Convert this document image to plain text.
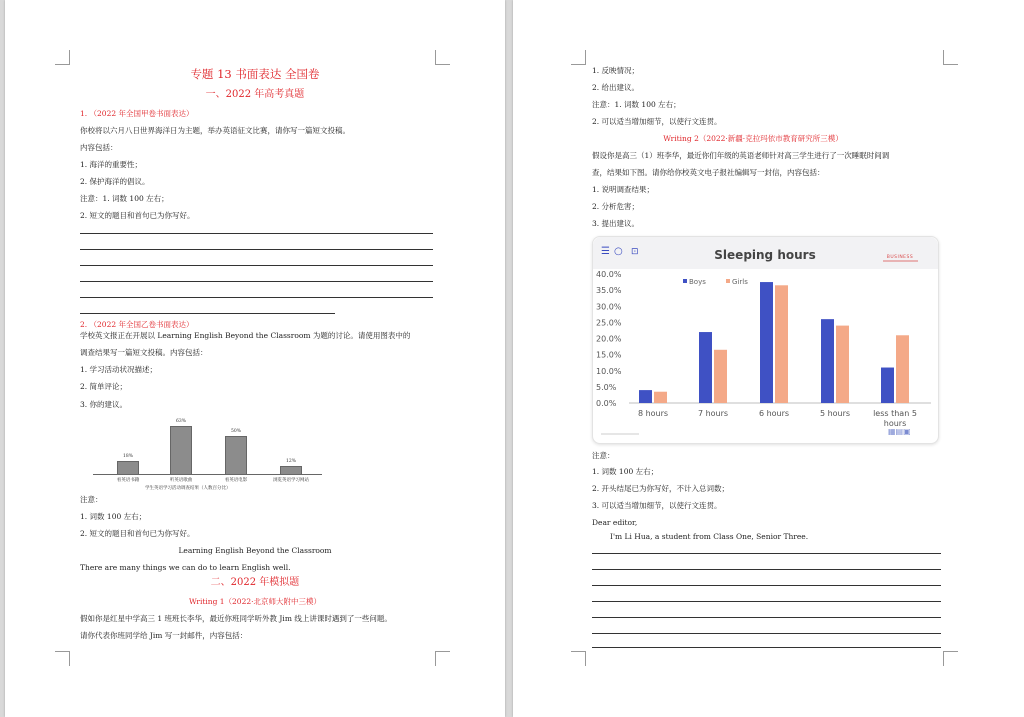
专题 13 书面表达 全国卷
一、2022 年高考真题
1. （2022 年全国甲卷书面表达）
你校将以六月八日世界海洋日为主题，举办英语征文比赛，请你写一篇短文投稿。
内容包括：
1. 海洋的重要性；
2. 保护海洋的倡议。
注意：1. 词数 100 左右；
2. 短文的题目和首句已为你写好。
2. （2022 年全国乙卷书面表达）
学校英文报正在开展以 Learning English Beyond the Classroom 为题的讨论。请使用图表中的
调查结果写一篇短文投稿。内容包括：
1. 学习活动状况描述；
2. 简单评论；
3. 你的建议。
学生英语学习活动调查结果（人数百分比）
18%
看英语书籍
63%
听英语歌曲
50%
看英语电影
12%
浏览英语学习网站
注意：
1. 词数 100 左右；
2. 短文的题目和首句已为你写好。
Learning English Beyond the Classroom
There are many things we can do to learn English well.
二、2022 年模拟题
Writing 1（2022·北京师大附中三模）
假如你是红星中学高三 1 班班长李华，最近你班同学听外教 Jim 线上讲课时遇到了一些问题。
请你代表你班同学给 Jim 写一封邮件，内容包括：
1. 反映情况；
2. 给出建议。
注意：1. 词数 100 左右；
2. 可以适当增加细节，以使行文连贯。
Writing 2（2022·新疆·克拉玛依市教育研究所三模）
假设你是高三（1）班李华，最近你们年级的英语老师针对高三学生进行了一次睡眠时间调
查，结果如下图。请你给你校英文电子报社编辑写一封信，内容包括：
1. 说明调查结果；
2. 分析危害；
3. 提出建议。
☰ ○ ⊡	Sleeping hours	BUSINESS
0.0%
5.0%
10.0%
15.0%
20.0%
25.0%
30.0%
35.0%
40.0%
Boys	Girls
8 hours	7 hours	6 hours	5 hours	less than 5
hours
▦▤▣
注意：
1. 词数 100 左右；
2. 开头结尾已为你写好，不计入总词数；
3. 可以适当增加细节，以使行文连贯。
Dear editor,
I'm Li Hua, a student from Class One, Senior Three.
